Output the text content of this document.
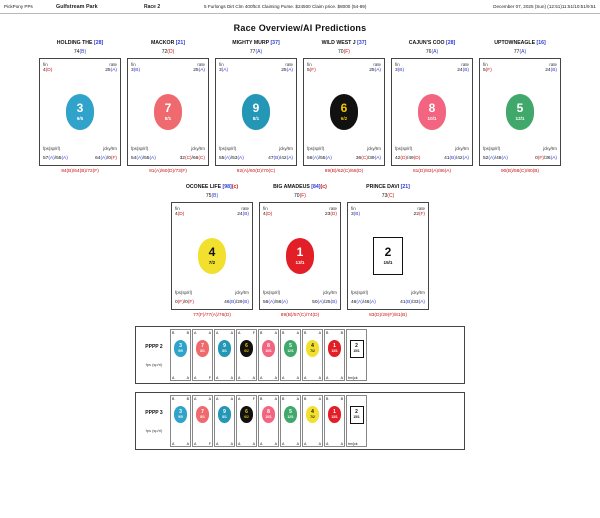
PickPony PPs	Gulfstream Park	Race 2	5 Furlongs Dirt Clm 400ftcS Claiming Purse. $24500 Claim price. $8000 (54-89)	December 07, 2025 (Sun) (12:51)11:51/10:51/9:51
Race Overview/AI Predictions
HOLDING THE [28]
74(B)
fin	rate
4(D)	25(A)
3
9/5
fps(sp/rl)	jcky/trn
57(A)/55(A)	64(A)/0(F)
94(B)/64(B)/72(F)
MACKOR [21]
72(D)
fin	rate
3(B)	25(A)
7
8/1
fps(sp/rl)	jcky/trn
54(A)/55(A)	32(C)/66(C)
91(A)/60(D)/73(F)
MIGHTY MURP [37]
77(A)
fin	rate
3(A)	25(A)
9
8/1
fps(sp/rl)	jcky/trn
55(A)/53(A)	47(B)/42(A)
92(A)/60(D)/70(C)
WILD WEST J [37]
70(F)
fin	rate
5(F)	25(A)
6
6/2
fps(sp/rl)	jcky/trn
56(A)/55(A)	36(C)/39(A)
89(B)/62(C)/68(D)
CAJUN'S COO [28]
76(A)
fin	rate
3(B)	24(B)
8
10/1
fps(sp/rl)	jcky/trn
42(D)/49(D)	41(B)/42(A)
81(D)/83(A)/86(A)
UPTOWNEAGLE [16]
77(A)
fin	rate
5(F)	24(B)
5
12/1
fps(sp/rl)	jcky/trn
52(A)/48(A)	0(F)/36(A)
90(B)/58(C)/80(B)
OCONEE LIFE [98](c)
75(B)
fin	rate
4(D)	24(B)
4
7/2
fps(sp/rl)	jcky/trn
0(F)/0(F)	46(B)/29(B)
77(F)/77(A)/76(D)
BIG AMADEUS [84](c)
70(F)
fin	rate
4(D)	23(D)
1
13/1
fps(sp/rl)	jcky/trn
56(A)/56(A)	50(A)/25(B)
89(B)/57(C)/74(D)
PRINCE DAVI [21]
73(C)
fin	rate
3(B)	22(F)
2
15/1
fps(sp/rl)	jcky/trn
46(A)/46(A)	41(B)/33(A)
83(D)/29(F)/81(B)
PPPP 2
fps (sp/rl)
B	B
3
9/5
A	A
A	A
7
8/1
A	F
A	A
9
8/1
A	A
A	F
6
6/2
A	A
B	A
8
10/1
A	A
B	A
5
12/1
A	A
B	A
4
7/2
A	A
B	B
1
13/1
A	A
2
15/1
trn/jck
PPPP 3
fps (sp/rl)
B	B
3
9/5
A	A
A	A
7
8/1
A	F
A	A
9
8/1
A	A
A	F
6
6/2
A	A
B	A
8
10/1
A	A
B	A
5
12/1
A	A
B	A
4
7/2
A	A
B	B
1
13/1
A	A
2
15/1
trn/jck
